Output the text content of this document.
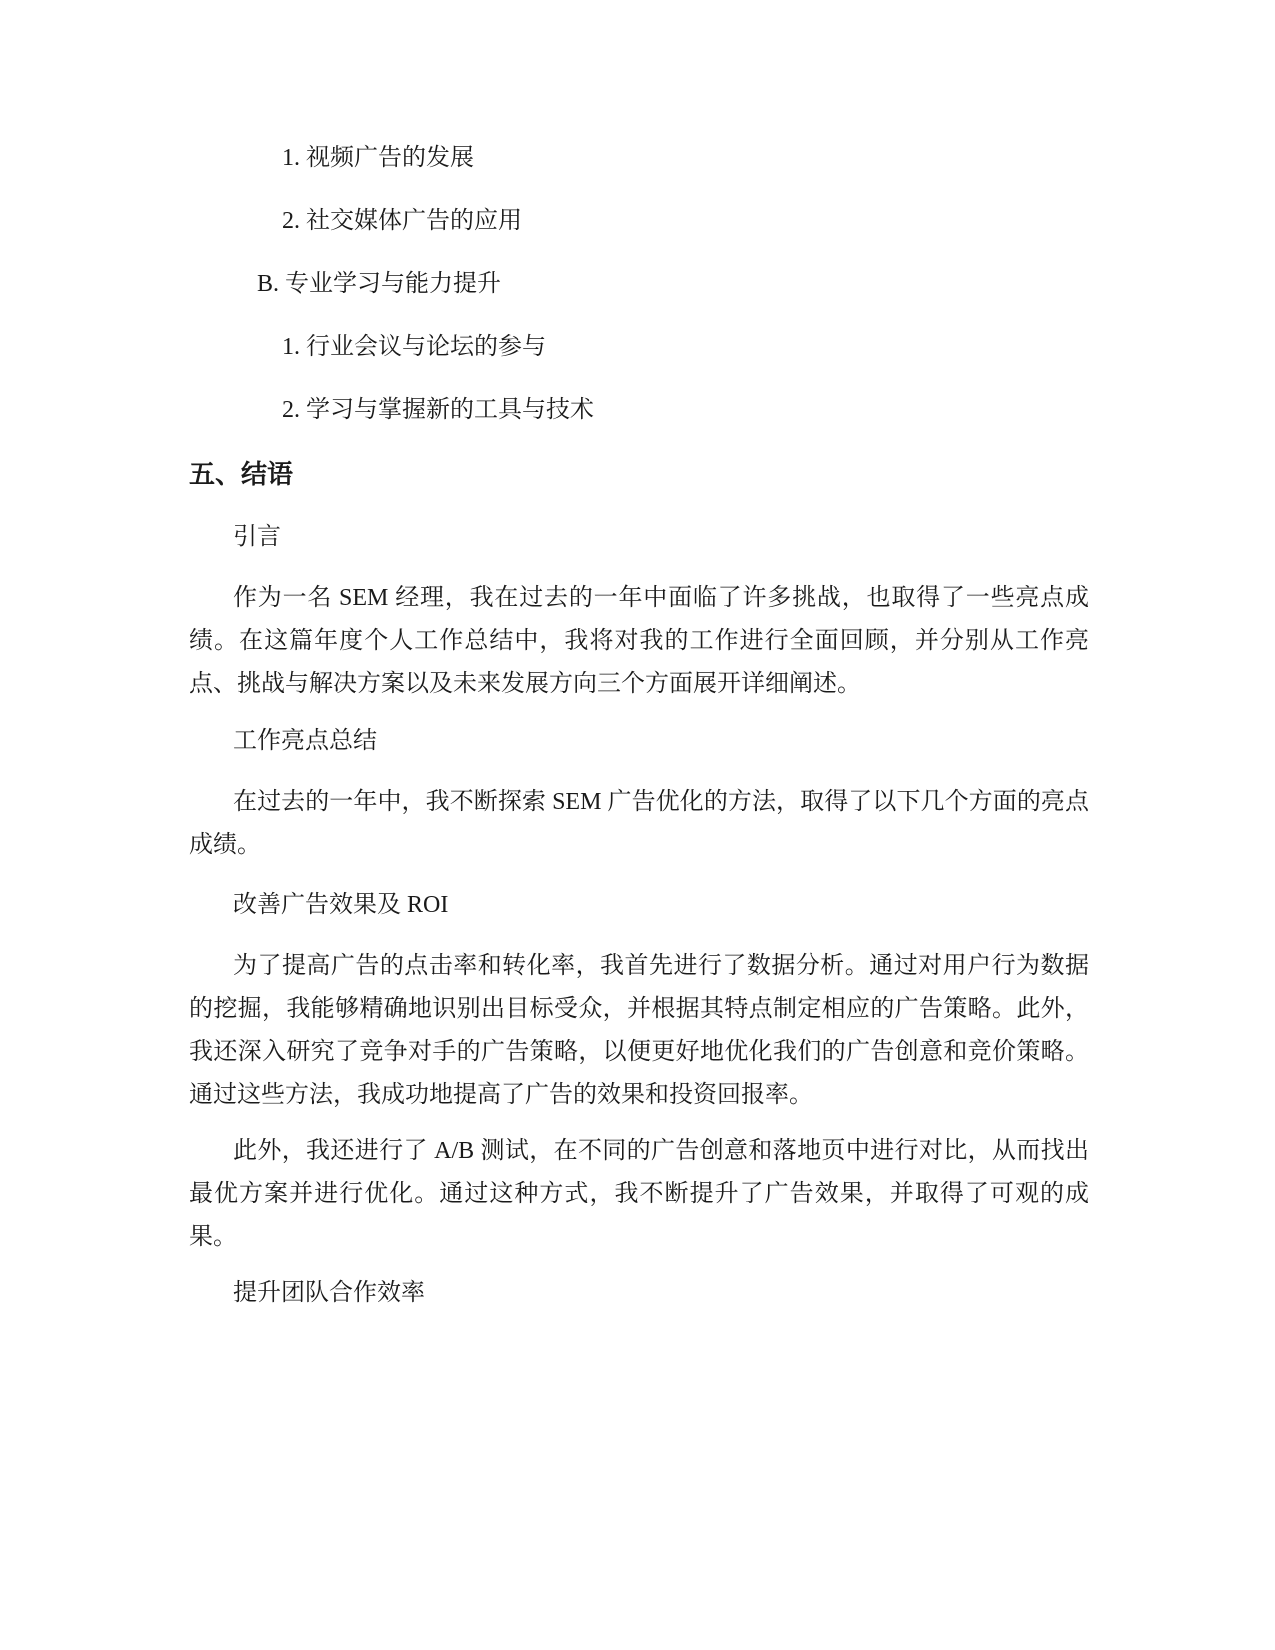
1. 视频广告的发展
2. 社交媒体广告的应用
B. 专业学习与能力提升
1. 行业会议与论坛的参与
2. 学习与掌握新的工具与技术
五、结语
引言
作为一名 SEM 经理，我在过去的一年中面临了许多挑战，也取得了一些亮点成绩。在这篇年度个人工作总结中，我将对我的工作进行全面回顾，并分别从工作亮点、挑战与解决方案以及未来发展方向三个方面展开详细阐述。
工作亮点总结
在过去的一年中，我不断探索 SEM 广告优化的方法，取得了以下几个方面的亮点成绩。
改善广告效果及 ROI
为了提高广告的点击率和转化率，我首先进行了数据分析。通过对用户行为数据的挖掘，我能够精确地识别出目标受众，并根据其特点制定相应的广告策略。此外，我还深入研究了竞争对手的广告策略，以便更好地优化我们的广告创意和竞价策略。通过这些方法，我成功地提高了广告的效果和投资回报率。
此外，我还进行了 A/B 测试，在不同的广告创意和落地页中进行对比，从而找出最优方案并进行优化。通过这种方式，我不断提升了广告效果，并取得了可观的成果。
提升团队合作效率
